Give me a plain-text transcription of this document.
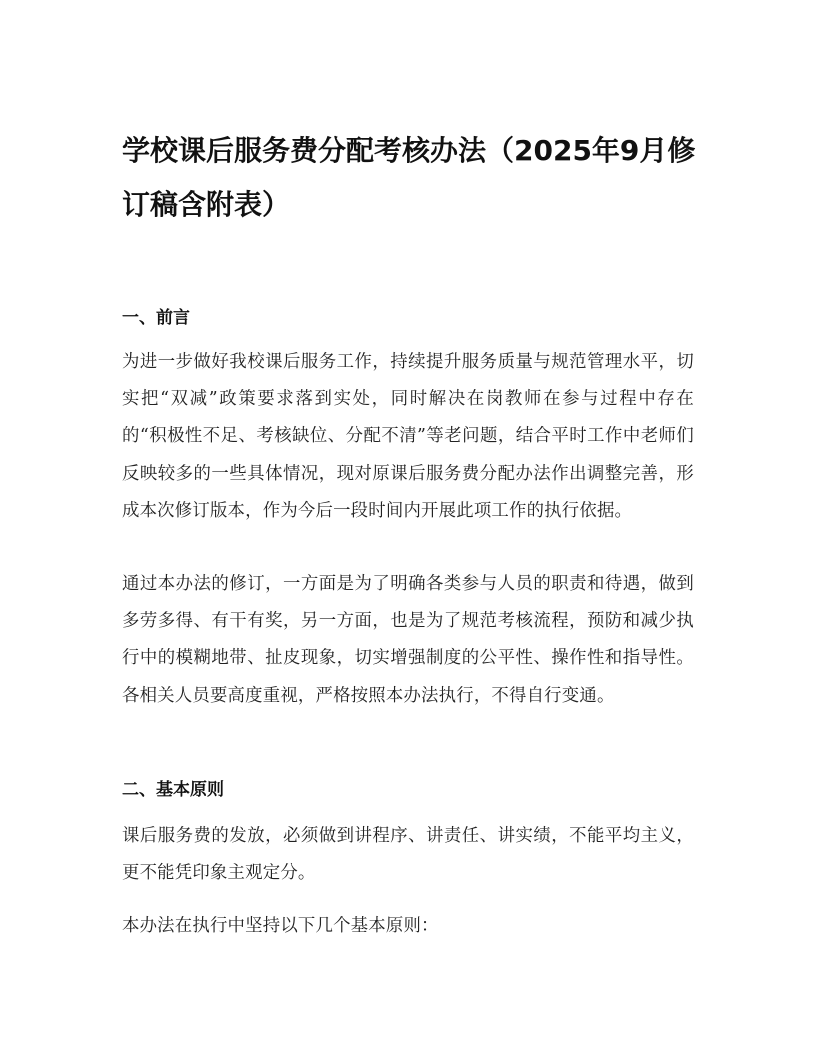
学校课后服务费分配考核办法（2025年9月修订稿含附表）
一、前言

为进一步做好我校课后服务工作，持续提升服务质量与规范管理水平，切实把“双减”政策要求落到实处，同时解决在岗教师在参与过程中存在的“积极性不足、考核缺位、分配不清”等老问题，结合平时工作中老师们反映较多的一些具体情况，现对原课后服务费分配办法作出调整完善，形成本次修订版本，作为今后一段时间内开展此项工作的执行依据。

通过本办法的修订，一方面是为了明确各类参与人员的职责和待遇，做到多劳多得、有干有奖，另一方面，也是为了规范考核流程，预防和减少执行中的模糊地带、扯皮现象，切实增强制度的公平性、操作性和指导性。各相关人员要高度重视，严格按照本办法执行，不得自行变通。

二、基本原则

课后服务费的发放，必须做到讲程序、讲责任、讲实绩，不能平均主义，更不能凭印象主观定分。

本办法在执行中坚持以下几个基本原则：
